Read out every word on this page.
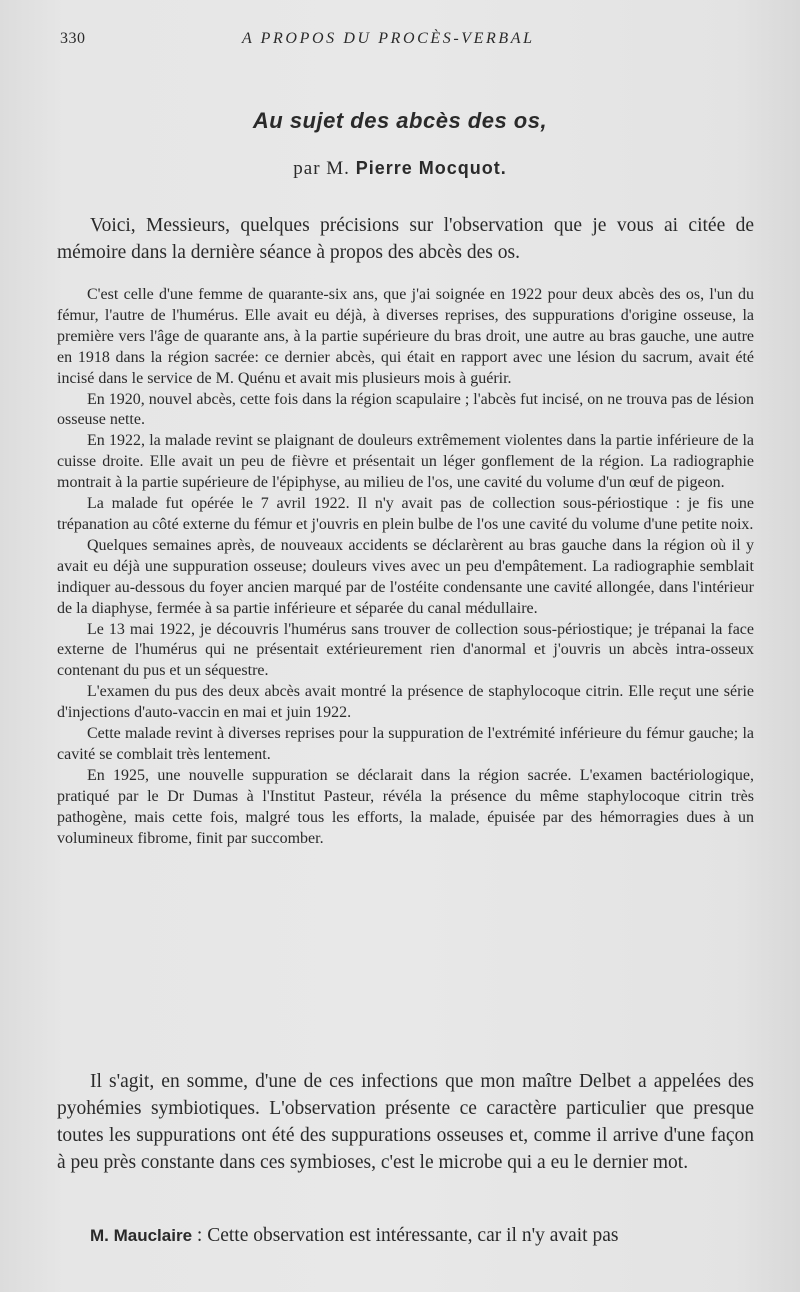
330	A PROPOS DU PROCÈS-VERBAL
Au sujet des abcès des os,
par M. Pierre Mocquot.

Voici, Messieurs, quelques précisions sur l'observation que je vous ai citée de mémoire dans la dernière séance à propos des abcès des os.

C'est celle d'une femme de quarante-six ans, que j'ai soignée en 1922 pour deux abcès des os, l'un du fémur, l'autre de l'humérus. Elle avait eu déjà, à diverses reprises, des suppurations d'origine osseuse, la première vers l'âge de quarante ans, à la partie supérieure du bras droit, une autre au bras gauche, une autre en 1918 dans la région sacrée: ce dernier abcès, qui était en rapport avec une lésion du sacrum, avait été incisé dans le service de M. Quénu et avait mis plusieurs mois à guérir.

En 1920, nouvel abcès, cette fois dans la région scapulaire ; l'abcès fut incisé, on ne trouva pas de lésion osseuse nette.

En 1922, la malade revint se plaignant de douleurs extrêmement violentes dans la partie inférieure de la cuisse droite. Elle avait un peu de fièvre et présentait un léger gonflement de la région. La radiographie montrait à la partie supérieure de l'épiphyse, au milieu de l'os, une cavité du volume d'un œuf de pigeon.

La malade fut opérée le 7 avril 1922. Il n'y avait pas de collection sous-périostique : je fis une trépanation au côté externe du fémur et j'ouvris en plein bulbe de l'os une cavité du volume d'une petite noix.

Quelques semaines après, de nouveaux accidents se déclarèrent au bras gauche dans la région où il y avait eu déjà une suppuration osseuse; douleurs vives avec un peu d'empâtement. La radiographie semblait indiquer au-dessous du foyer ancien marqué par de l'ostéite condensante une cavité allongée, dans l'intérieur de la diaphyse, fermée à sa partie inférieure et séparée du canal médullaire.

Le 13 mai 1922, je découvris l'humérus sans trouver de collection sous-périostique; je trépanai la face externe de l'humérus qui ne présentait extérieurement rien d'anormal et j'ouvris un abcès intra-osseux contenant du pus et un séquestre.

L'examen du pus des deux abcès avait montré la présence de staphylocoque citrin. Elle reçut une série d'injections d'auto-vaccin en mai et juin 1922.

Cette malade revint à diverses reprises pour la suppuration de l'extrémité inférieure du fémur gauche; la cavité se comblait très lentement.

En 1925, une nouvelle suppuration se déclarait dans la région sacrée. L'examen bactériologique, pratiqué par le Dr Dumas à l'Institut Pasteur, révéla la présence du même staphylocoque citrin très pathogène, mais cette fois, malgré tous les efforts, la malade, épuisée par des hémorragies dues à un volumineux fibrome, finit par succomber.

Il s'agit, en somme, d'une de ces infections que mon maître Delbet a appelées des pyohémies symbiotiques. L'observation présente ce caractère particulier que presque toutes les suppurations ont été des suppurations osseuses et, comme il arrive d'une façon à peu près constante dans ces symbioses, c'est le microbe qui a eu le dernier mot.

M. Mauclaire : Cette observation est intéressante, car il n'y avait pas
